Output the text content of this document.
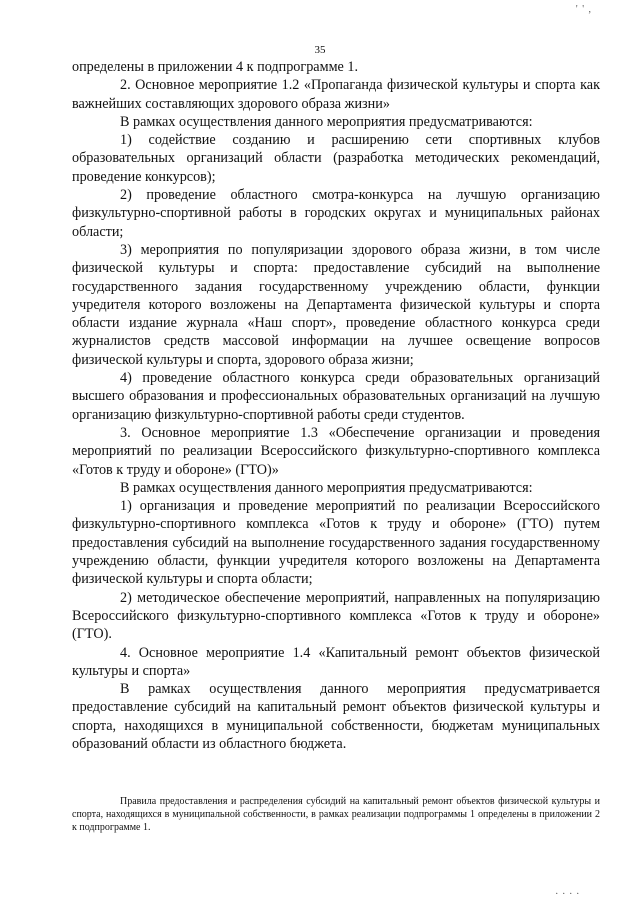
' ' ,
35

определены в приложении 4 к подпрограмме 1.

2. Основное мероприятие 1.2 «Пропаганда физической культуры и спорта как важнейших составляющих здорового образа жизни»

В рамках осуществления данного мероприятия предусматриваются:

1) содействие созданию и расширению сети спортивных клубов образовательных организаций области (разработка методических рекомендаций, проведение конкурсов);

2) проведение областного смотра-конкурса на лучшую организацию физкультурно-спортивной работы в городских округах и муниципальных районах области;

3) мероприятия по популяризации здорового образа жизни, в том числе физической культуры и спорта: предоставление субсидий на выполнение государственного задания государственному учреждению области, функции учредителя которого возложены на Департамента физической культуры и спорта области издание журнала «Наш спорт», проведение областного конкурса среди журналистов средств массовой информации на лучшее освещение вопросов физической культуры и спорта, здорового образа жизни;

4) проведение областного конкурса среди образовательных организаций высшего образования и профессиональных образовательных организаций на лучшую организацию физкультурно-спортивной работы среди студентов.

3. Основное мероприятие 1.3 «Обеспечение организации и проведения мероприятий по реализации Всероссийского физкультурно-спортивного комплекса «Готов к труду и обороне» (ГТО)»

В рамках осуществления данного мероприятия предусматриваются:

1) организация и проведение мероприятий по реализации Всероссийского физкультурно-спортивного комплекса «Готов к труду и обороне» (ГТО) путем предоставления субсидий на выполнение государственного задания государственному учреждению области, функции учредителя которого возложены на Департамента физической культуры и спорта области;

2) методическое обеспечение мероприятий, направленных на популяризацию Всероссийского физкультурно-спортивного комплекса «Готов к труду и обороне» (ГТО).

4. Основное мероприятие 1.4 «Капитальный ремонт объектов физической культуры и спорта»

В рамках осуществления данного мероприятия предусматривается предоставление субсидий на капитальный ремонт объектов физической культуры и спорта, находящихся в муниципальной собственности, бюджетам муниципальных образований области из областного бюджета.

Правила предоставления и распределения субсидий на капитальный ремонт объектов физической культуры и спорта, находящихся в муниципальной собственности, в рамках реализации подпрограммы 1 определены в приложении 2 к подпрограмме 1.

. . . .
